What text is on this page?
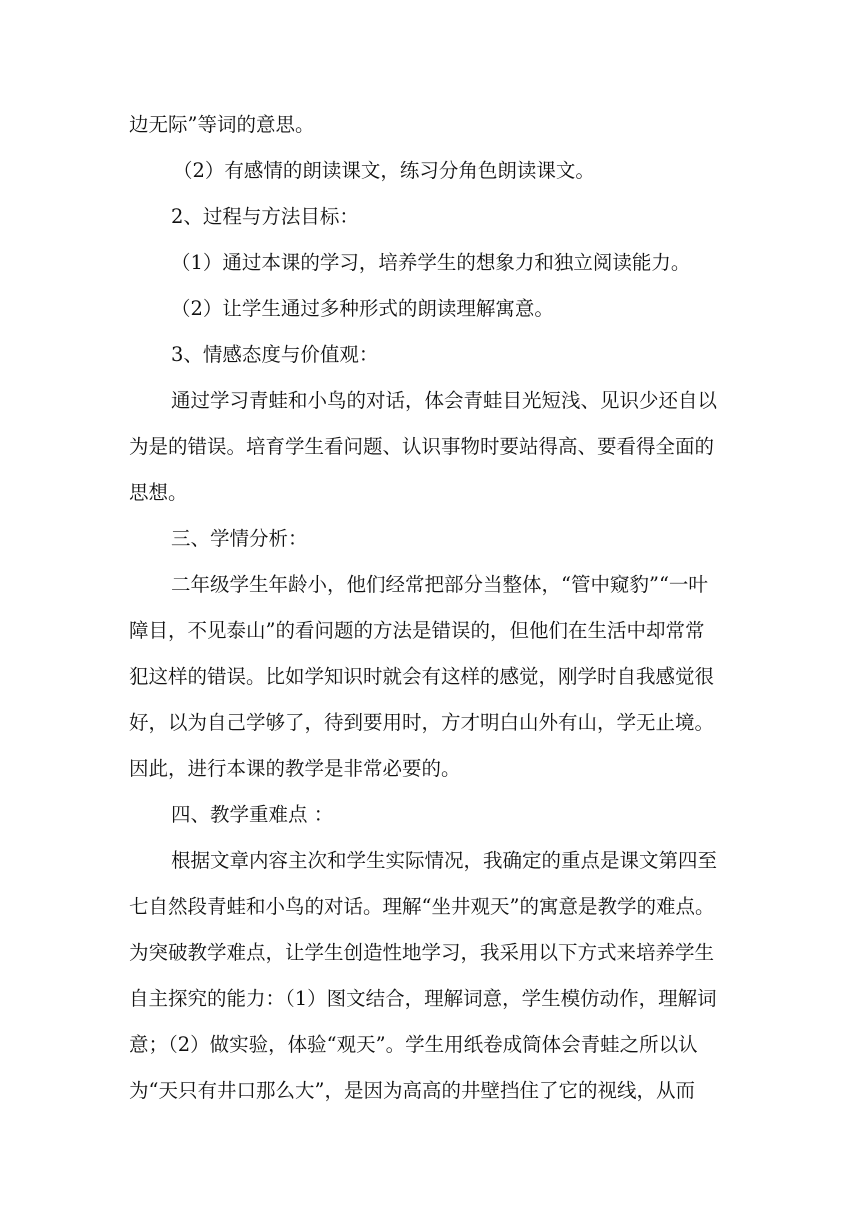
边无际”等词的意思。
（2）有感情的朗读课文，练习分角色朗读课文。
2、过程与方法目标：
（1）通过本课的学习，培养学生的想象力和独立阅读能力。
（2）让学生通过多种形式的朗读理解寓意。
3、情感态度与价值观：
通过学习青蛙和小鸟的对话，体会青蛙目光短浅、见识少还自以
为是的错误。培育学生看问题、认识事物时要站得高、要看得全面的
思想。
三、学情分析：
二年级学生年龄小，他们经常把部分当整体，“管中窥豹”“一叶
障目，不见泰山”的看问题的方法是错误的，但他们在生活中却常常
犯这样的错误。比如学知识时就会有这样的感觉，刚学时自我感觉很
好，以为自己学够了，待到要用时，方才明白山外有山，学无止境。
因此，进行本课的教学是非常必要的。
四、教学重难点 ：
根据文章内容主次和学生实际情况，我确定的重点是课文第四至
七自然段青蛙和小鸟的对话。理解“坐井观天”的寓意是教学的难点。
为突破教学难点，让学生创造性地学习，我采用以下方式来培养学生
自主探究的能力：（1）图文结合，理解词意，学生模仿动作，理解词
意；（2）做实验，体验“观天”。学生用纸卷成筒体会青蛙之所以认
为“天只有井口那么大”，是因为高高的井壁挡住了它的视线，从而
